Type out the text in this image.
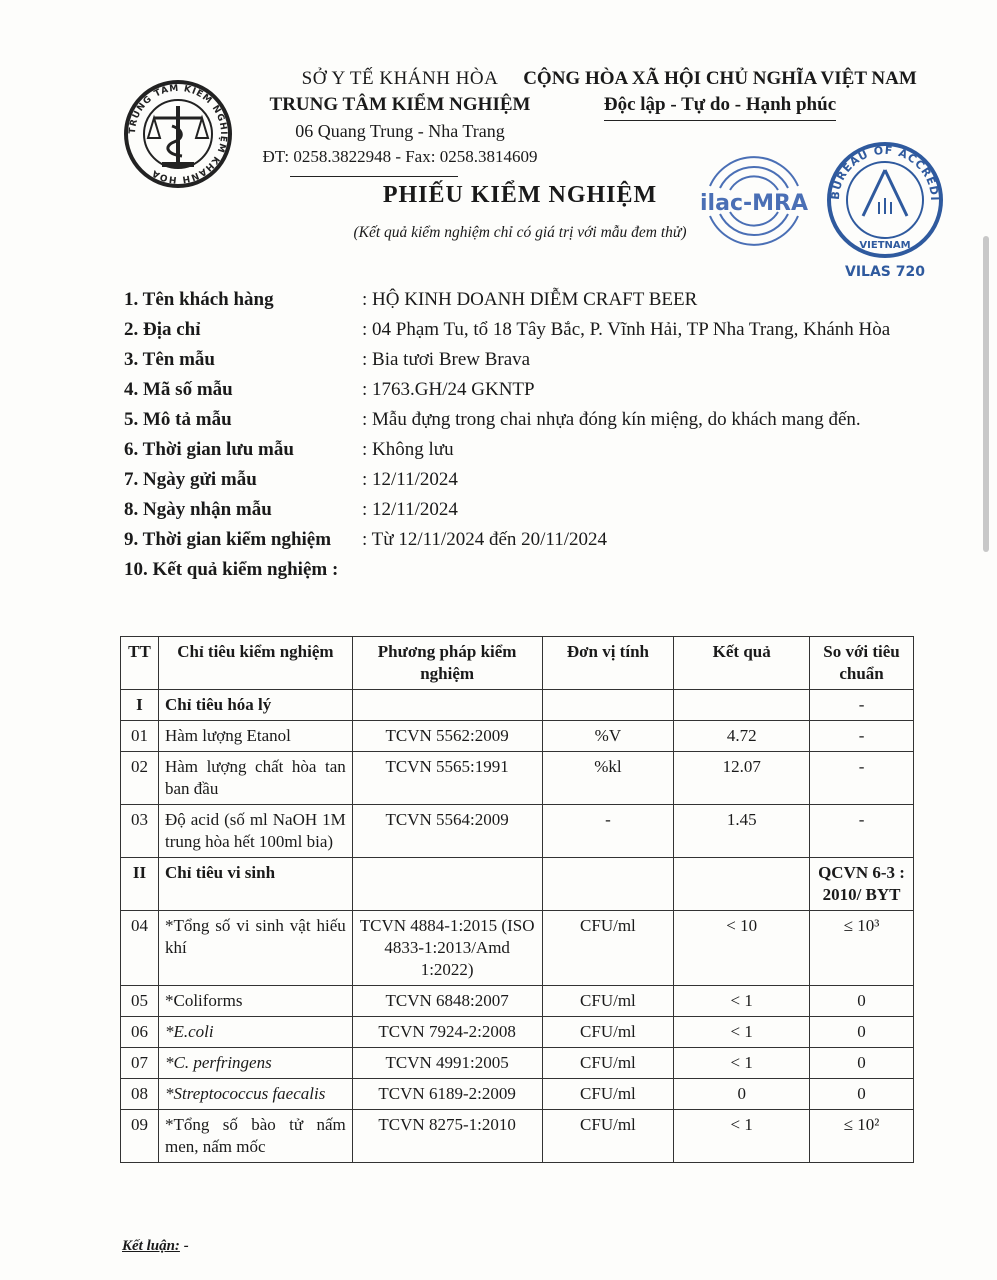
TRUNG TÂM KIỂM NGHIỆM KHÁNH HÒA
SỞ Y TẾ KHÁNH HÒA
TRUNG TÂM KIỂM NGHIỆM
06 Quang Trung - Nha Trang
ĐT: 0258.3822948 - Fax: 0258.3814609
CỘNG HÒA XÃ HỘI CHỦ NGHĨA VIỆT NAM
Độc lập - Tự do - Hạnh phúc
ilac-MRA	BUREAU OF ACCREDI
VIETNAM
VILAS 720
PHIẾU KIỂM NGHIỆM
(Kết quả kiểm nghiệm chỉ có giá trị với mẫu đem thử)
1. Tên khách hàng	: HỘ KINH DOANH DIỄM CRAFT BEER
2. Địa chỉ	: 04 Phạm Tu, tổ 18 Tây Bắc, P. Vĩnh Hải, TP Nha Trang, Khánh Hòa
3. Tên mẫu	: Bia tươi Brew Brava
4. Mã số mẫu	: 1763.GH/24 GKNTP
5. Mô tả mẫu	: Mẫu đựng trong chai nhựa đóng kín miệng, do khách mang đến.
6. Thời gian lưu mẫu	: Không lưu
7. Ngày gửi mẫu	: 12/11/2024
8. Ngày nhận mẫu	: 12/11/2024
9. Thời gian kiểm nghiệm : Từ 12/11/2024 đến 20/11/2024
10. Kết quả kiểm nghiệm :
TT	Chỉ tiêu kiểm nghiệm	Phương pháp kiểm nghiệm	Đơn vị tính	Kết quả	So với tiêu chuẩn
I	Chỉ tiêu hóa lý				-
01	Hàm lượng Etanol	TCVN 5562:2009	%V	4.72	-
02	Hàm lượng chất hòa tan ban đầu	TCVN 5565:1991	%kl	12.07	-
03	Độ acid (số ml NaOH 1M trung hòa hết 100ml bia)	TCVN 5564:2009	-	1.45	-
II	Chỉ tiêu vi sinh				QCVN 6-3 : 2010/ BYT
04	*Tổng số vi sinh vật hiếu khí	TCVN 4884-1:2015 (ISO 4833-1:2013/Amd 1:2022)	CFU/ml	< 10	≤ 10³
05	*Coliforms	TCVN 6848:2007	CFU/ml	< 1	0
06	*E.coli	TCVN 7924-2:2008	CFU/ml	< 1	0
07	*C. perfringens	TCVN 4991:2005	CFU/ml	< 1	0
08	*Streptococcus faecalis	TCVN 6189-2:2009	CFU/ml	0	0
09	*Tổng số bào tử nấm men, nấm mốc	TCVN 8275-1:2010	CFU/ml	< 1	≤ 10²
Kết luận: -
